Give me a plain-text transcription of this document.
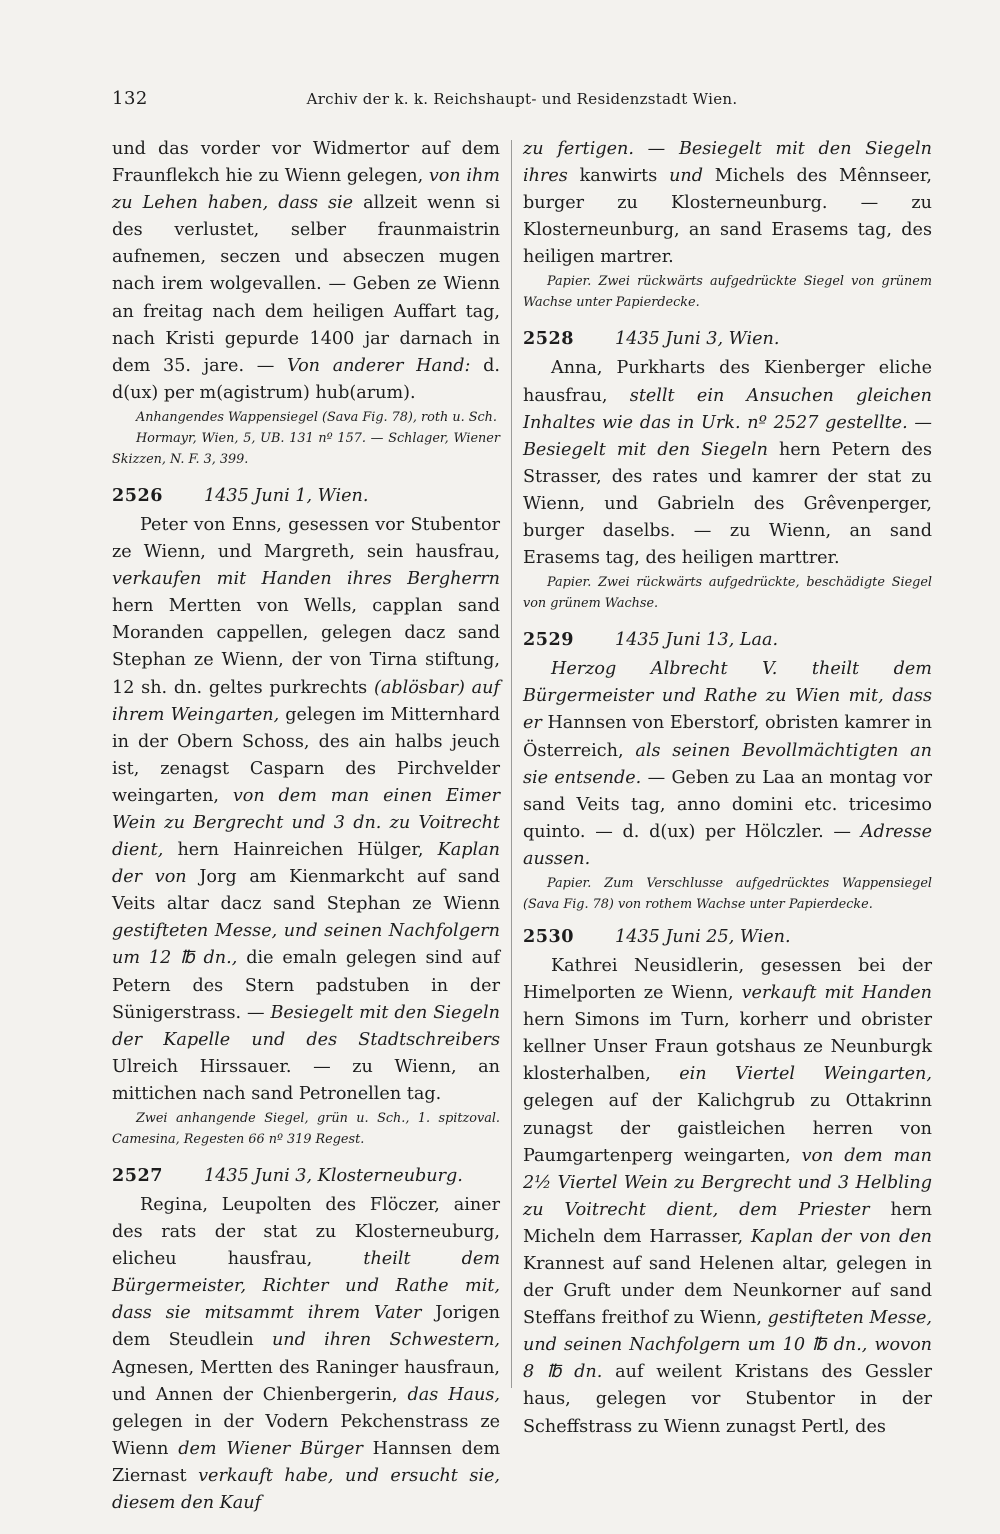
132	Archiv der k. k. Reichshaupt- und Residenzstadt Wien.

und das vorder vor Widmertor auf dem Fraunflekch hie zu Wienn gelegen, von ihm zu Lehen haben, dass sie allzeit wenn si des verlustet, selber fraunmaistrin aufnemen, seczen und abseczen mugen nach irem wolgevallen. — Geben ze Wienn an freitag nach dem heiligen Auffart tag, nach Kristi gepurde 1400 jar darnach in dem 35. jare. — Von anderer Hand: d. d(ux) per m(agistrum) hub(arum).

Anhangendes Wappensiegel (Sava Fig. 78), roth u. Sch.

Hormayr, Wien, 5, UB. 131 nº 157. — Schlager, Wiener Skizzen, N. F. 3, 399.

2526 1435 Juni 1, Wien.

Peter von Enns, gesessen vor Stubentor ze Wienn, und Margreth, sein hausfrau, verkaufen mit Handen ihres Bergherrn hern Mertten von Wells, capplan sand Moranden cappellen, gelegen dacz sand Stephan ze Wienn, der von Tirna stiftung, 12 sh. dn. geltes purkrechts (ablösbar) auf ihrem Weingarten, gelegen im Mitternhard in der Obern Schoss, des ain halbs jeuch ist, zenagst Casparn des Pirchvelder weingarten, von dem man einen Eimer Wein zu Bergrecht und 3 dn. zu Voitrecht dient, hern Hainreichen Hülger, Kaplan der von Jorg am Kienmarkcht auf sand Veits altar dacz sand Stephan ze Wienn gestifteten Messe, und seinen Nachfolgern um 12 ℔ dn., die emaln gelegen sind auf Petern des Stern padstuben in der Sünigerstrass. — Besiegelt mit den Siegeln der Kapelle und des Stadtschreibers Ulreich Hirssauer. — zu Wienn, an mittichen nach sand Petronellen tag.

Zwei anhangende Siegel, grün u. Sch., 1. spitzoval. Camesina, Regesten 66 nº 319 Regest.

2527 1435 Juni 3, Klosterneuburg.

Regina, Leupolten des Flöczer, ainer des rats der stat zu Klosterneuburg, elicheu hausfrau, theilt dem Bürgermeister, Richter und Rathe mit, dass sie mitsammt ihrem Vater Jorigen dem Steudlein und ihren Schwestern, Agnesen, Mertten des Raninger hausfraun, und Annen der Chienbergerin, das Haus, gelegen in der Vodern Pekchenstrass ze Wienn dem Wiener Bürger Hannsen dem Ziernast verkauft habe, und ersucht sie, diesem den Kauf

zu fertigen. — Besiegelt mit den Siegeln ihres kanwirts und Michels des Mênnseer, burger zu Klosterneunburg. — zu Klosterneunburg, an sand Erasems tag, des heiligen martrer.

Papier. Zwei rückwärts aufgedrückte Siegel von grünem Wachse unter Papierdecke.

2528 1435 Juni 3, Wien.

Anna, Purkharts des Kienberger eliche hausfrau, stellt ein Ansuchen gleichen Inhaltes wie das in Urk. nº 2527 gestellte. — Besiegelt mit den Siegeln hern Petern des Strasser, des rates und kamrer der stat zu Wienn, und Gabrieln des Grêvenperger, burger daselbs. — zu Wienn, an sand Erasems tag, des heiligen marttrer.

Papier. Zwei rückwärts aufgedrückte, beschädigte Siegel von grünem Wachse.

2529 1435 Juni 13, Laa.

Herzog Albrecht V. theilt dem Bürgermeister und Rathe zu Wien mit, dass er Hannsen von Eberstorf, obristen kamrer in Österreich, als seinen Bevollmächtigten an sie entsende. — Geben zu Laa an montag vor sand Veits tag, anno domini etc. tricesimo quinto. — d. d(ux) per Hölczler. — Adresse aussen.

Papier. Zum Verschlusse aufgedrücktes Wappensiegel (Sava Fig. 78) von rothem Wachse unter Papierdecke.

2530 1435 Juni 25, Wien.

Kathrei Neusidlerin, gesessen bei der Himelporten ze Wienn, verkauft mit Handen hern Simons im Turn, korherr und obrister kellner Unser Fraun gotshaus ze Neunburgk klosterhalben, ein Viertel Weingarten, gelegen auf der Kalichgrub zu Ottakrinn zunagst der gaistleichen herren von Paumgartenperg weingarten, von dem man 2½ Viertel Wein zu Bergrecht und 3 Helbling zu Voitrecht dient, dem Priester hern Micheln dem Harrasser, Kaplan der von den Krannest auf sand Helenen altar, gelegen in der Gruft under dem Neunkorner auf sand Steffans freithof zu Wienn, gestifteten Messe, und seinen Nachfolgern um 10 ℔ dn., wovon 8 ℔ dn. auf weilent Kristans des Gessler haus, gelegen vor Stubentor in der Scheffstrass zu Wienn zunagst Pertl, des
